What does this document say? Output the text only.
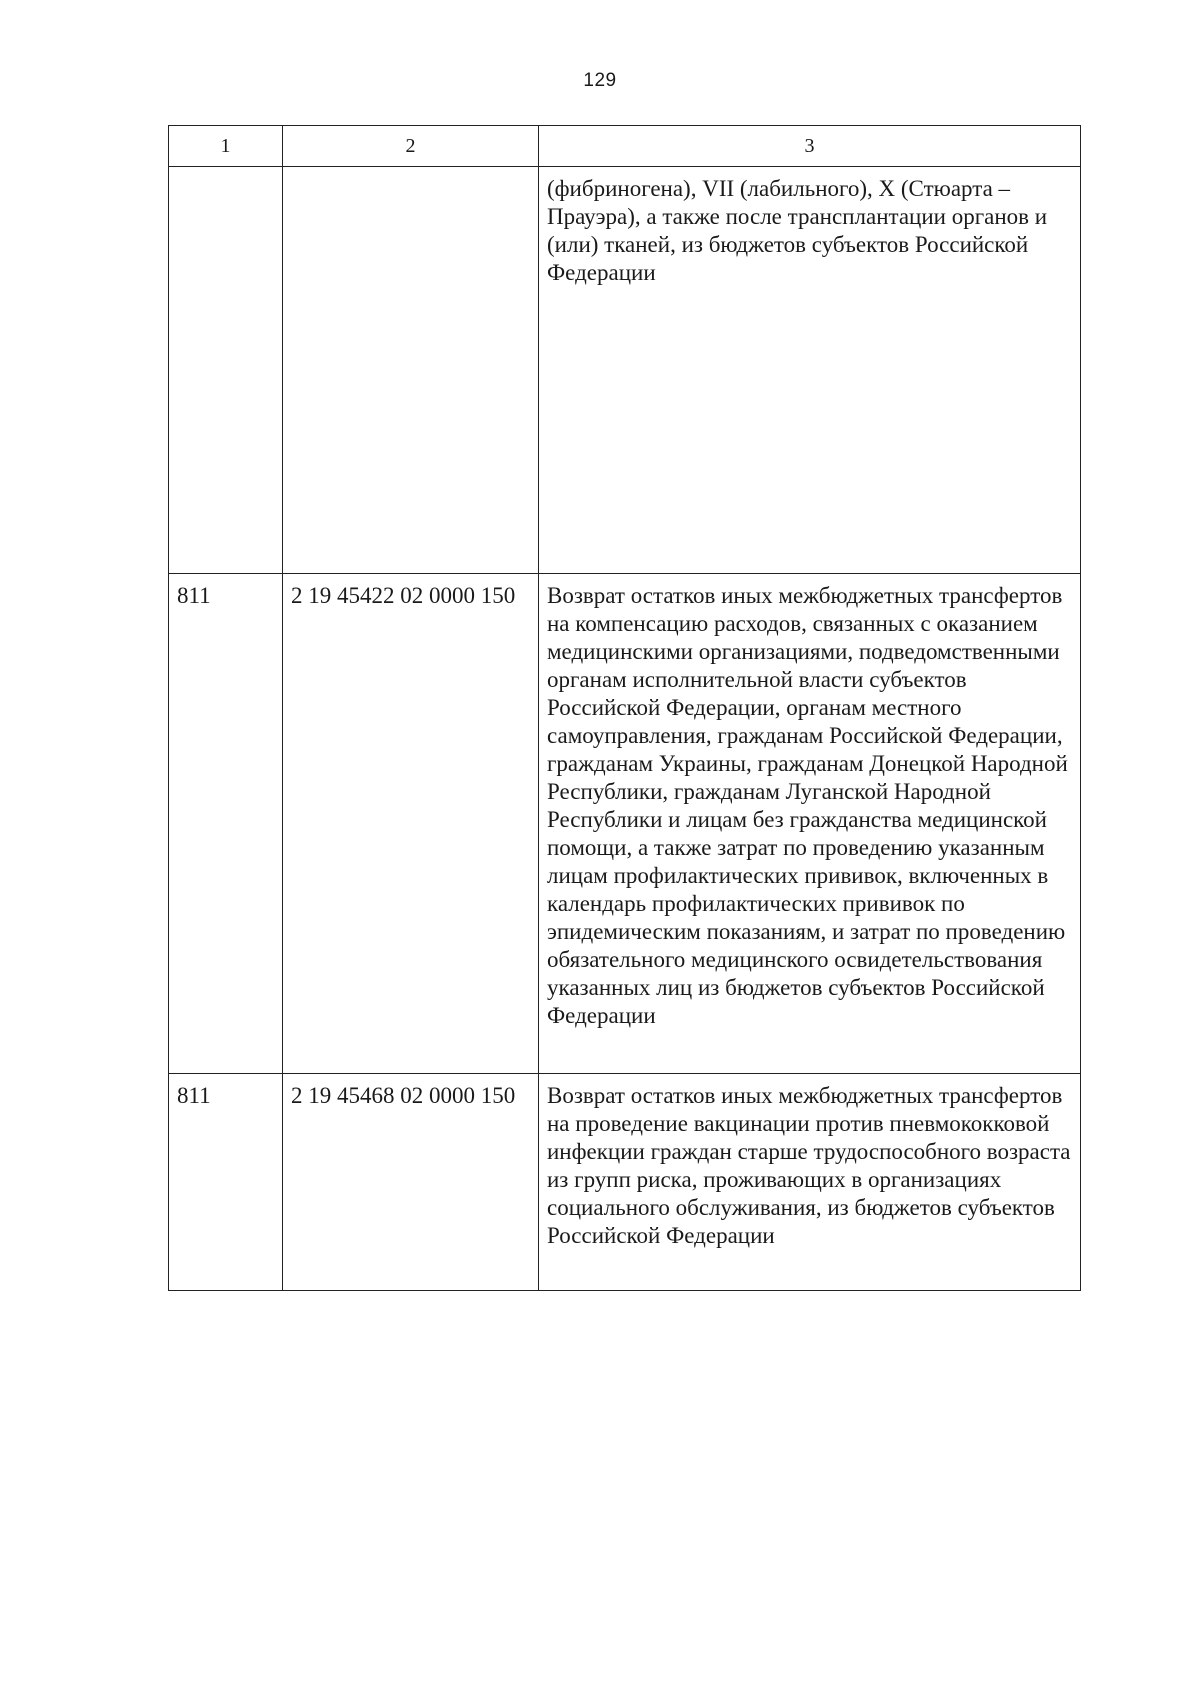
129
1	2	3
		(фибриногена), VII (лабильного), X (Стюарта – Прауэра), а также после трансплантации органов и (или) тканей, из бюджетов субъектов Российской Федерации
811	2 19 45422 02 0000 150	Возврат остатков иных межбюджетных трансфертов на компенсацию расходов, связанных с оказанием медицинскими организациями, подведомственными органам исполнительной власти субъектов Российской Федерации, органам местного самоуправления, гражданам Российской Федерации, гражданам Украины, гражданам Донецкой Народной Республики, гражданам Луганской Народной Республики и лицам без гражданства медицинской помощи, а также затрат по проведению указанным лицам профилактических прививок, включенных в календарь профилактических прививок по эпидемическим показаниям, и затрат по проведению обязательного медицинского освидетельствования указанных лиц из бюджетов субъектов Российской Федерации
811	2 19 45468 02 0000 150	Возврат остатков иных межбюджетных трансфертов на проведение вакцинации против пневмококковой инфекции граждан старше трудоспособного возраста из групп риска, проживающих в организациях социального обслуживания, из бюджетов субъектов Российской Федерации
